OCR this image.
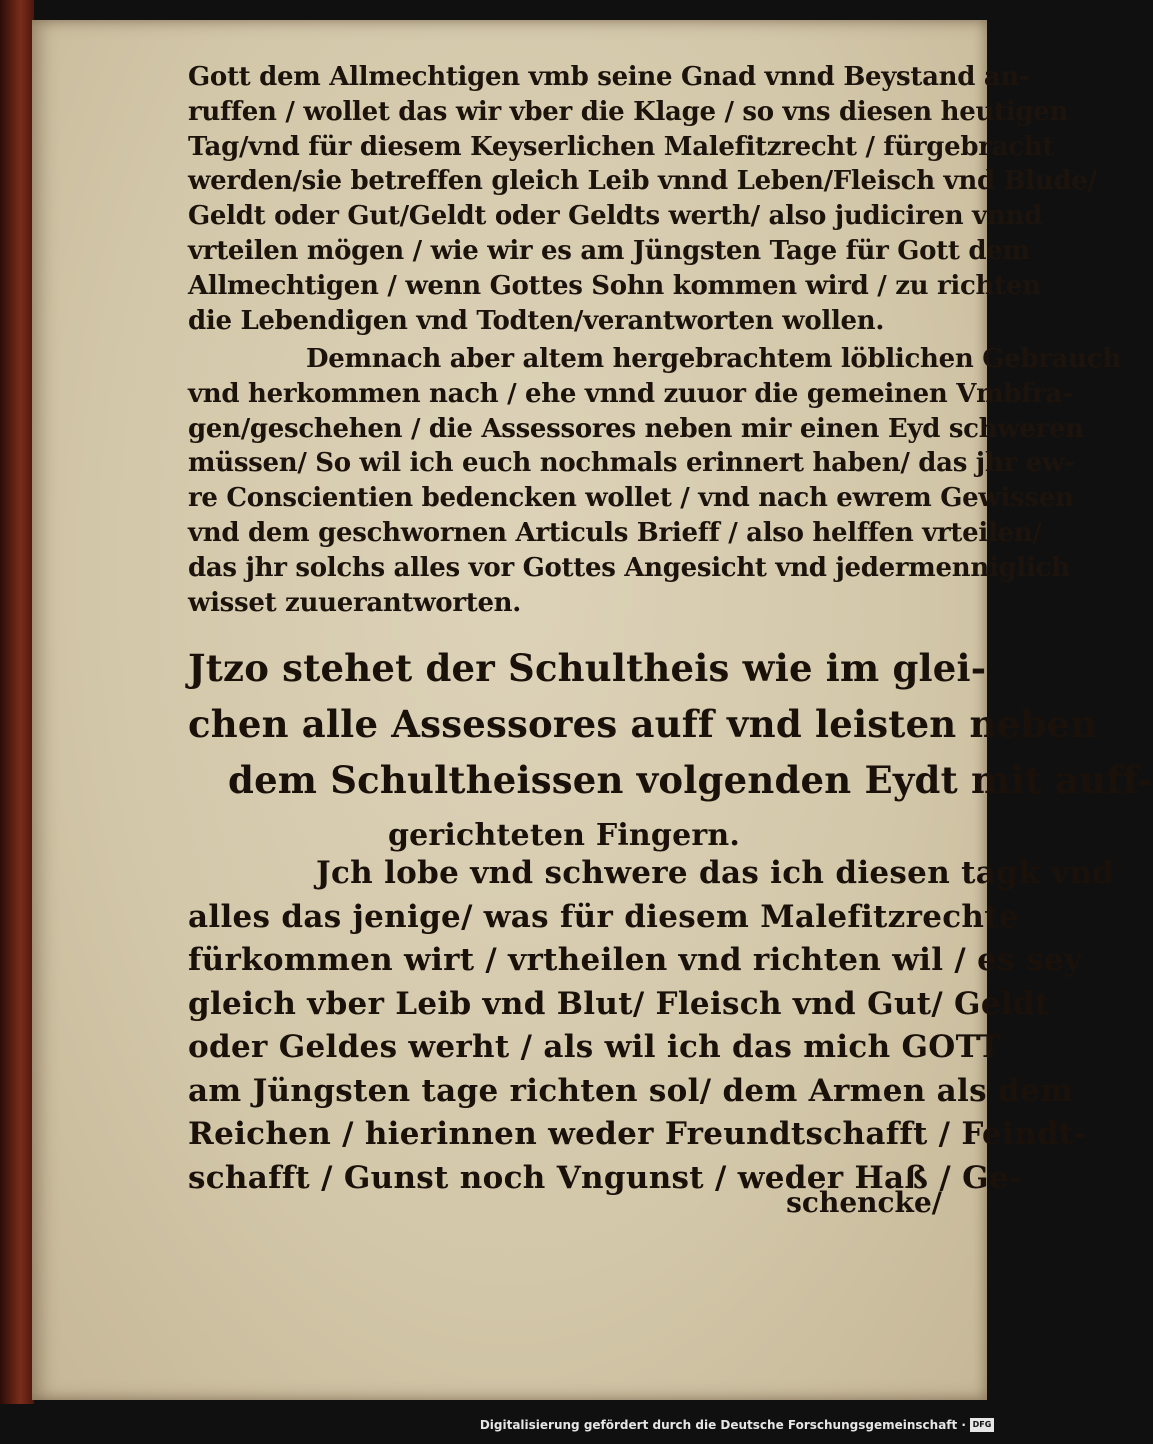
Gott dem Allmechtigen vmb seine Gnad vnnd Beystand an-
ruffen / wollet das wir vber die Klage / so vns diesen heutigen
Tag/vnd für diesem Keyserlichen Malefitzrecht / fürgebracht
werden/sie betreffen gleich Leib vnnd Leben/Fleisch vnd Blude/
Geldt oder Gut/Geldt oder Geldts werth/ also judiciren vnnd
vrteilen mögen / wie wir es am Jüngsten Tage für Gott dem
Allmechtigen / wenn Gottes Sohn kommen wird / zu richten
die Lebendigen vnd Todten/verantworten wollen.
Demnach aber altem hergebrachtem löblichen Gebrauch
vnd herkommen nach / ehe vnnd zuuor die gemeinen Vmbfra-
gen/geschehen / die Assessores neben mir einen Eyd schweren
müssen/ So wil ich euch nochmals erinnert haben/ das jhr ew-
re Conscientien bedencken wollet / vnd nach ewrem Gewissen
vnd dem geschwornen Articuls Brieff / also helffen vrteilen/
das jhr solchs alles vor Gottes Angesicht vnd jedermenniglich
wisset zuuerantworten.
Jtzo stehet der Schultheis wie im glei-
chen alle Assessores auff vnd leisten neben
dem Schultheissen volgenden Eydt mit auff-
gerichteten Fingern.
Jch lobe vnd schwere das ich diesen tagk vnd
alles das jenige/ was für diesem Malefitzrechte
fürkommen wirt / vrtheilen vnd richten wil / es sey
gleich vber Leib vnd Blut/ Fleisch vnd Gut/ Geldt
oder Geldes werht / als wil ich das mich GOTT
am Jüngsten tage richten sol/ dem Armen als dem
Reichen / hierinnen weder Freundtschafft / Feindt-
schafft / Gunst noch Vngunst / weder Haß / Ge-
schencke/
Digitalisierung gefördert durch die Deutsche Forschungsgemeinschaft · DFG
